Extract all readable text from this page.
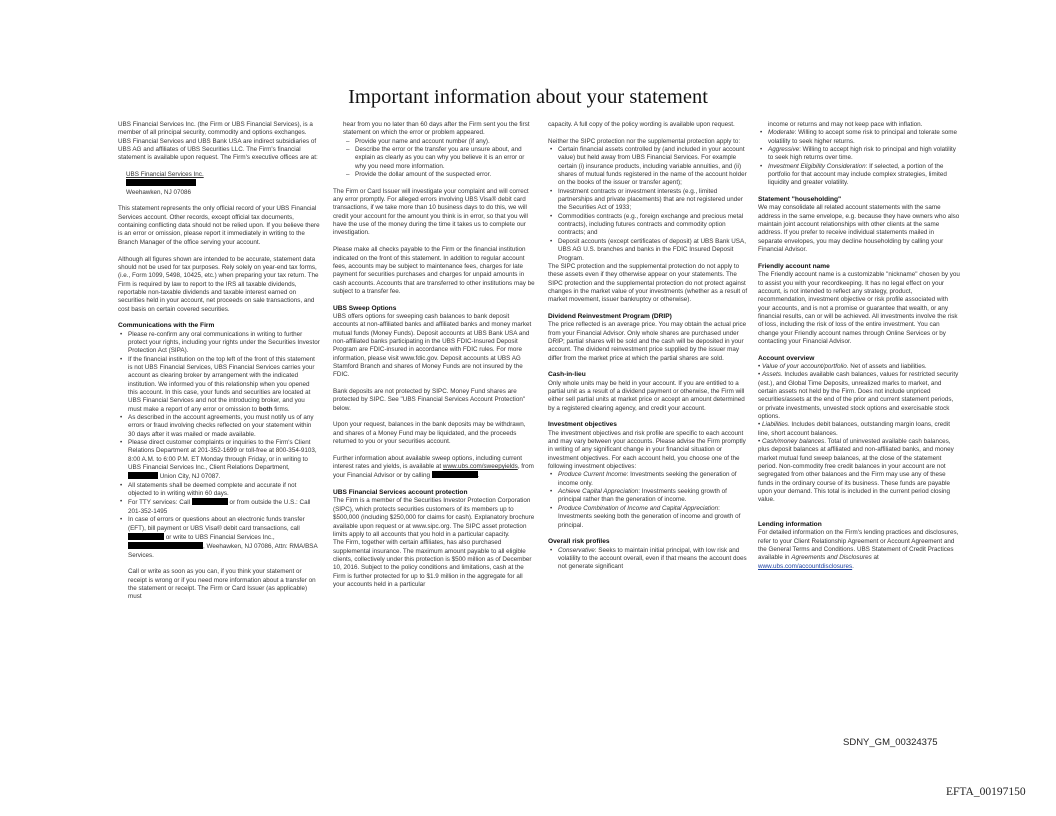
Important information about your statement

UBS Financial Services Inc. (the Firm or UBS Financial Services), is a member of all principal security, commodity and options exchanges. UBS Financial Services and UBS Bank USA are indirect subsidiaries of UBS AG and affiliates of UBS Securities LLC. The Firm's financial statement is available upon request. The Firm's executive offices are at:

UBS Financial Services Inc.
Weehawken, NJ 07086

This statement represents the only official record of your UBS Financial Services account. Other records, except official tax documents, containing conflicting data should not be relied upon. If you believe there is an error or omission, please report it immediately in writing to the Branch Manager of the office serving your account.

Although all figures shown are intended to be accurate, statement data should not be used for tax purposes. Rely solely on year-end tax forms, (i.e., Form 1099, 5498, 10425, etc.) when preparing your tax return. The Firm is required by law to report to the IRS all taxable dividends, reportable non-taxable dividends and taxable interest earned on securities held in your account, net proceeds on sale transactions, and cost basis on certain covered securities.

Communications with the Firm
• Please re-confirm any oral communications in writing to further protect your rights, including your rights under the Securities Investor Protection Act (SIPA).
• If the financial institution on the top left of the front of this statement is not UBS Financial Services, UBS Financial Services carries your account as clearing broker by arrangement with the indicated institution. We informed you of this relationship when you opened this account. In this case, your funds and securities are located at UBS Financial Services and not the introducing broker, and you must make a report of any error or omission to both firms.
• As described in the account agreements, you must notify us of any errors or fraud involving checks reflected on your statement within 30 days after it was mailed or made available.
• Please direct customer complaints or inquiries to the Firm's Client Relations Department at 201-352-1699 or toll-free at 800-354-9103, 8:00 A.M. to 6:00 P.M. ET Monday through Friday, or in writing to UBS Financial Services Inc., Client Relations Department,  Union City, NJ 07087.
• All statements shall be deemed complete and accurate if not objected to in writing within 60 days.
• For TTY services: Call	or from outside the U.S.: Call 201-352-1495
• In case of errors or questions about an electronic funds transfer (EFT), bill payment or UBS Visa® debit card transactions, call  or write to UBS Financial Services Inc., , Weehawken, NJ 07086, Attn: RMA/BSA Services.

Call or write as soon as you can, if you think your statement or receipt is wrong or if you need more information about a transfer on the statement or receipt. The Firm or Card Issuer (as applicable) must

hear from you no later than 60 days after the Firm sent you the first statement on which the error or problem appeared.

– Provide your name and account number (if any).
– Describe the error or the transfer you are unsure about, and explain as clearly as you can why you believe it is an error or why you need more information.
– Provide the dollar amount of the suspected error.

The Firm or Card Issuer will investigate your complaint and will correct any error promptly. For alleged errors involving UBS Visa® debit card transactions, if we take more than 10 business days to do this, we will credit your account for the amount you think is in error, so that you will have the use of the money during the time it takes us to complete our investigation.

Please make all checks payable to the Firm or the financial institution indicated on the front of this statement. In addition to regular account fees, accounts may be subject to maintenance fees, charges for late payment for securities purchases and charges for unpaid amounts in cash accounts. Accounts that are transferred to other institutions may be subject to a transfer fee.

UBS Sweep Options

UBS offers options for sweeping cash balances to bank deposit accounts at non-affiliated banks and affiliated banks and money market mutual funds (Money Funds). Deposit accounts at UBS Bank USA and non-affiliated banks participating in the UBS FDIC-Insured Deposit Program are FDIC-insured in accordance with FDIC rules. For more information, please visit www.fdic.gov. Deposit accounts at UBS AG Stamford Branch and shares of Money Funds are not insured by the FDIC.

Bank deposits are not protected by SIPC. Money Fund shares are protected by SIPC. See "UBS Financial Services Account Protection" below.

Upon your request, balances in the bank deposits may be withdrawn, and shares of a Money Fund may be liquidated, and the proceeds returned to you or your securities account.

Further information about available sweep options, including current interest rates and yields, is available at www.ubs.com/sweepyields, from your Financial Advisor or by calling	.

UBS Financial Services account protection

The Firm is a member of the Securities Investor Protection Corporation (SIPC), which protects securities customers of its members up to $500,000 (including $250,000 for claims for cash). Explanatory brochure available upon request or at www.sipc.org. The SIPC asset protection limits apply to all accounts that you hold in a particular capacity.

The Firm, together with certain affiliates, has also purchased supplemental insurance. The maximum amount payable to all eligible clients, collectively under this protection is $500 million as of December 10, 2016. Subject to the policy conditions and limitations, cash at the Firm is further protected for up to $1.9 million in the aggregate for all your accounts held in a particular

capacity. A full copy of the policy wording is available upon request.

Neither the SIPC protection nor the supplemental protection apply to:

• Certain financial assets controlled by (and included in your account value) but held away from UBS Financial Services. For example certain (i) insurance products, including variable annuities, and (ii) shares of mutual funds registered in the name of the account holder on the books of the issuer or transfer agent);
• Investment contracts or investment interests (e.g., limited partnerships and private placements) that are not registered under the Securities Act of 1933;
• Commodities contracts (e.g., foreign exchange and precious metal contracts), including futures contracts and commodity option contracts; and
• Deposit accounts (except certificates of deposit) at UBS Bank USA, UBS AG U.S. branches and banks in the FDIC Insured Deposit Program.

The SIPC protection and the supplemental protection do not apply to these assets even if they otherwise appear on your statements. The SIPC protection and the supplemental protection do not protect against changes in the market value of your investments (whether as a result of market movement, issuer bankruptcy or otherwise).

Dividend Reinvestment Program (DRIP)

The price reflected is an average price. You may obtain the actual price from your Financial Advisor. Only whole shares are purchased under DRIP; partial shares will be sold and the cash will be deposited in your account. The dividend reinvestment price supplied by the issuer may differ from the market price at which the partial shares are sold.

Cash-in-lieu

Only whole units may be held in your account. If you are entitled to a partial unit as a result of a dividend payment or otherwise, the Firm will either sell partial units at market price or accept an amount determined by a registered clearing agency, and credit your account.

Investment objectives

The investment objectives and risk profile are specific to each account and may vary between your accounts. Please advise the Firm promptly in writing of any significant change in your financial situation or investment objectives. For each account held, you choose one of the following investment objectives:

• Produce Current Income: Investments seeking the generation of income only.
• Achieve Capital Appreciation: Investments seeking growth of principal rather than the generation of income.
• Produce Combination of Income and Capital Appreciation: Investments seeking both the generation of income and growth of principal.
Overall risk profiles
• Conservative: Seeks to maintain initial principal, with low risk and volatility to the account overall, even if that means the account does not generate significant
income or returns and may not keep pace with inflation.
• Moderate: Willing to accept some risk to principal and tolerate some volatility to seek higher returns.
• Aggressive: Willing to accept high risk to principal and high volatility to seek high returns over time.
• Investment Eligibility Consideration: If selected, a portion of the portfolio for that account may include complex strategies, limited liquidity and greater volatility.
Statement "householding"

We may consolidate all related account statements with the same address in the same envelope, e.g. because they have owners who also maintain joint account relationships with other clients at the same address. If you prefer to receive individual statements mailed in separate envelopes, you may decline householding by calling your Financial Advisor.

Friendly account name

The Friendly account name is a customizable "nickname" chosen by you to assist you with your recordkeeping. It has no legal effect on your account, is not intended to reflect any strategy, product, recommendation, investment objective or risk profile associated with your accounts, and is not a promise or guarantee that wealth, or any financial results, can or will be achieved. All investments involve the risk of loss, including the risk of loss of the entire investment. You can change your Friendly account names through Online Services or by contacting your Financial Advisor.

Account overview
• Value of your account/portfolio. Net of assets and liabilities.
• Assets. Includes available cash balances, values for restricted security (est.), and Global Time Deposits, unrealized marks to market, and certain assets not held by the Firm. Does not include unpriced securities/assets at the end of the prior and current statement periods, or private investments, unvested stock options and exercisable stock options.
• Liabilities. Includes debit balances, outstanding margin loans, credit line, short account balances.
• Cash/money balances. Total of uninvested available cash balances, plus deposit balances at affiliated and non-affiliated banks, and money market mutual fund sweep balances, at the close of the statement period. Non-commodity free credit balances in your account are not segregated from other balances and the Firm may use any of these funds in the ordinary course of its business. These funds are payable upon your demand. This total is included in the current period closing value.
Lending information

For detailed information on the Firm's lending practices and disclosures, refer to your Client Relationship Agreement or Account Agreement and the General Terms and Conditions. UBS Statement of Credit Practices available in Agreements and Disclosures at www.ubs.com/accountdisclosures.

SDNY_GM_00324375
EFTA_00197150
